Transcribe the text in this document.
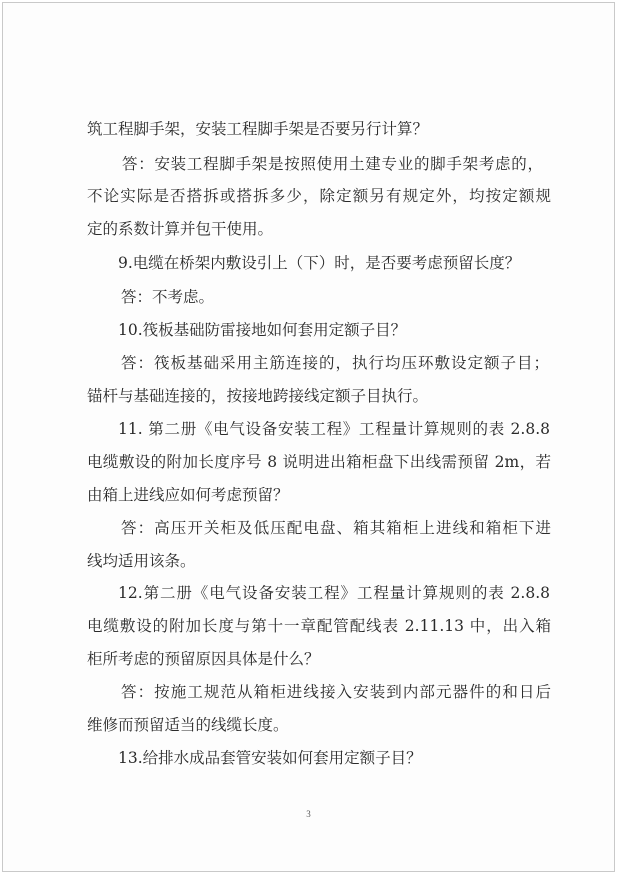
筑工程脚手架，安装工程脚手架是否要另行计算？
答：安装工程脚手架是按照使用土建专业的脚手架考虑的，
不论实际是否搭拆或搭拆多少，除定额另有规定外，均按定额规
定的系数计算并包干使用。
9.电缆在桥架内敷设引上（下）时，是否要考虑预留长度？
答：不考虑。
10.筏板基础防雷接地如何套用定额子目？
答：筏板基础采用主筋连接的，执行均压环敷设定额子目；
锚杆与基础连接的，按接地跨接线定额子目执行。
11. 第二册《电气设备安装工程》工程量计算规则的表 2.8.8
电缆敷设的附加长度序号 8 说明进出箱柜盘下出线需预留 2m，若
由箱上进线应如何考虑预留？
答：高压开关柜及低压配电盘、箱其箱柜上进线和箱柜下进
线均适用该条。
12.第二册《电气设备安装工程》工程量计算规则的表 2.8.8
电缆敷设的附加长度与第十一章配管配线表 2.11.13 中，出入箱
柜所考虑的预留原因具体是什么？
答：按施工规范从箱柜进线接入安装到内部元器件的和日后
维修而预留适当的线缆长度。
13.给排水成品套管安装如何套用定额子目？
3
